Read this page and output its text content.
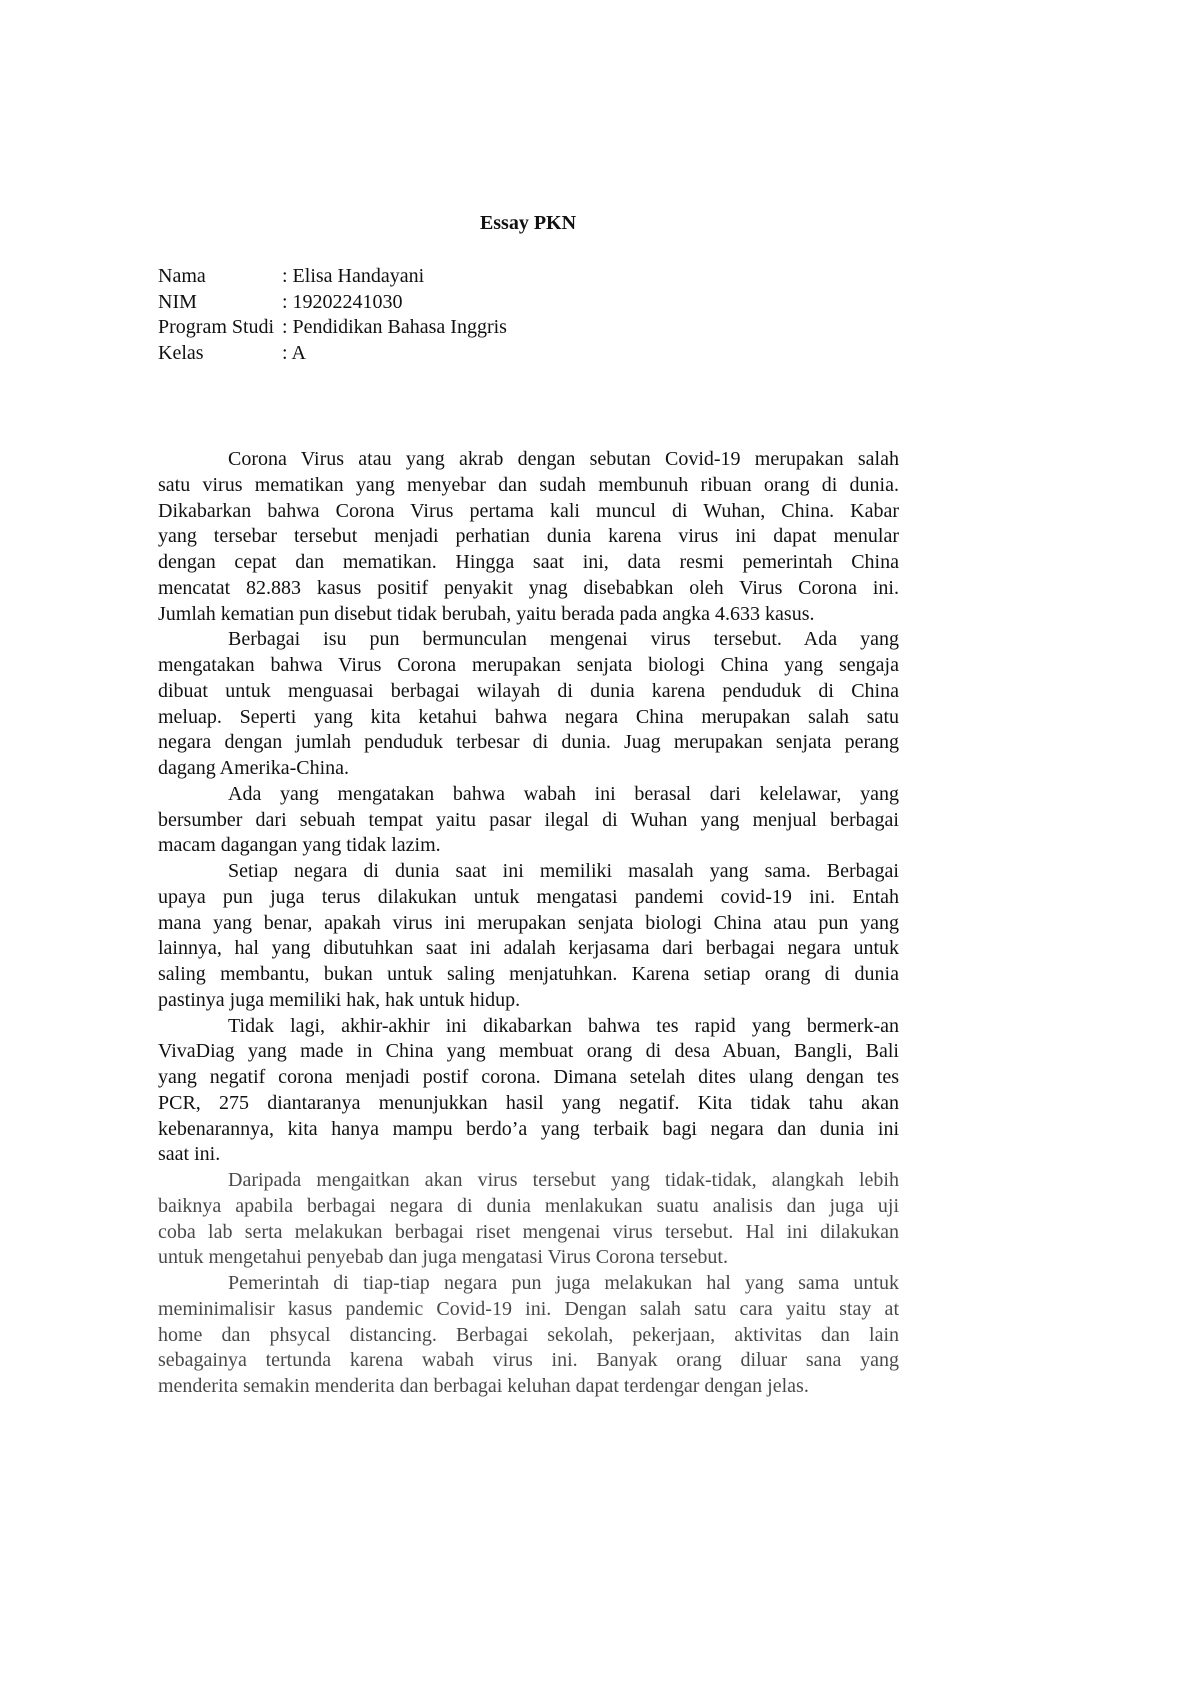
Essay PKN
Nama	: Elisa Handayani
NIM	: 19202241030
Program Studi : Pendidikan Bahasa Inggris
Kelas	: A
Corona Virus atau yang akrab dengan sebutan Covid-19 merupakan salah
satu virus mematikan yang menyebar dan sudah membunuh ribuan orang di dunia.
Dikabarkan bahwa Corona Virus pertama kali muncul di Wuhan, China. Kabar
yang tersebar tersebut menjadi perhatian dunia karena virus ini dapat menular
dengan cepat dan mematikan. Hingga saat ini, data resmi pemerintah China
mencatat 82.883 kasus positif penyakit ynag disebabkan oleh Virus Corona ini.
Jumlah kematian pun disebut tidak berubah, yaitu berada pada angka 4.633 kasus.
Berbagai isu pun bermunculan mengenai virus tersebut. Ada yang
mengatakan bahwa Virus Corona merupakan senjata biologi China yang sengaja
dibuat untuk menguasai berbagai wilayah di dunia karena penduduk di China
meluap. Seperti yang kita ketahui bahwa negara China merupakan salah satu
negara dengan jumlah penduduk terbesar di dunia. Juag merupakan senjata perang
dagang Amerika-China.
Ada yang mengatakan bahwa wabah ini berasal dari kelelawar, yang
bersumber dari sebuah tempat yaitu pasar ilegal di Wuhan yang menjual berbagai
macam dagangan yang tidak lazim.
Setiap negara di dunia saat ini memiliki masalah yang sama. Berbagai
upaya pun juga terus dilakukan untuk mengatasi pandemi covid-19 ini. Entah
mana yang benar, apakah virus ini merupakan senjata biologi China atau pun yang
lainnya, hal yang dibutuhkan saat ini adalah kerjasama dari berbagai negara untuk
saling membantu, bukan untuk saling menjatuhkan. Karena setiap orang di dunia
pastinya juga memiliki hak, hak untuk hidup.
Tidak lagi, akhir-akhir ini dikabarkan bahwa tes rapid yang bermerk-an
VivaDiag yang made in China yang membuat orang di desa Abuan, Bangli, Bali
yang negatif corona menjadi postif corona. Dimana setelah dites ulang dengan tes
PCR, 275 diantaranya menunjukkan hasil yang negatif. Kita tidak tahu akan
kebenarannya, kita hanya mampu berdo’a yang terbaik bagi negara dan dunia ini
saat ini.
Daripada mengaitkan akan virus tersebut yang tidak-tidak, alangkah lebih
baiknya apabila berbagai negara di dunia menlakukan suatu analisis dan juga uji
coba lab serta melakukan berbagai riset mengenai virus tersebut. Hal ini dilakukan
untuk mengetahui penyebab dan juga mengatasi Virus Corona tersebut.
Pemerintah di tiap-tiap negara pun juga melakukan hal yang sama untuk
meminimalisir kasus pandemic Covid-19 ini. Dengan salah satu cara yaitu stay at
home dan phsycal distancing. Berbagai sekolah, pekerjaan, aktivitas dan lain
sebagainya tertunda karena wabah virus ini. Banyak orang diluar sana yang
menderita semakin menderita dan berbagai keluhan dapat terdengar dengan jelas.
